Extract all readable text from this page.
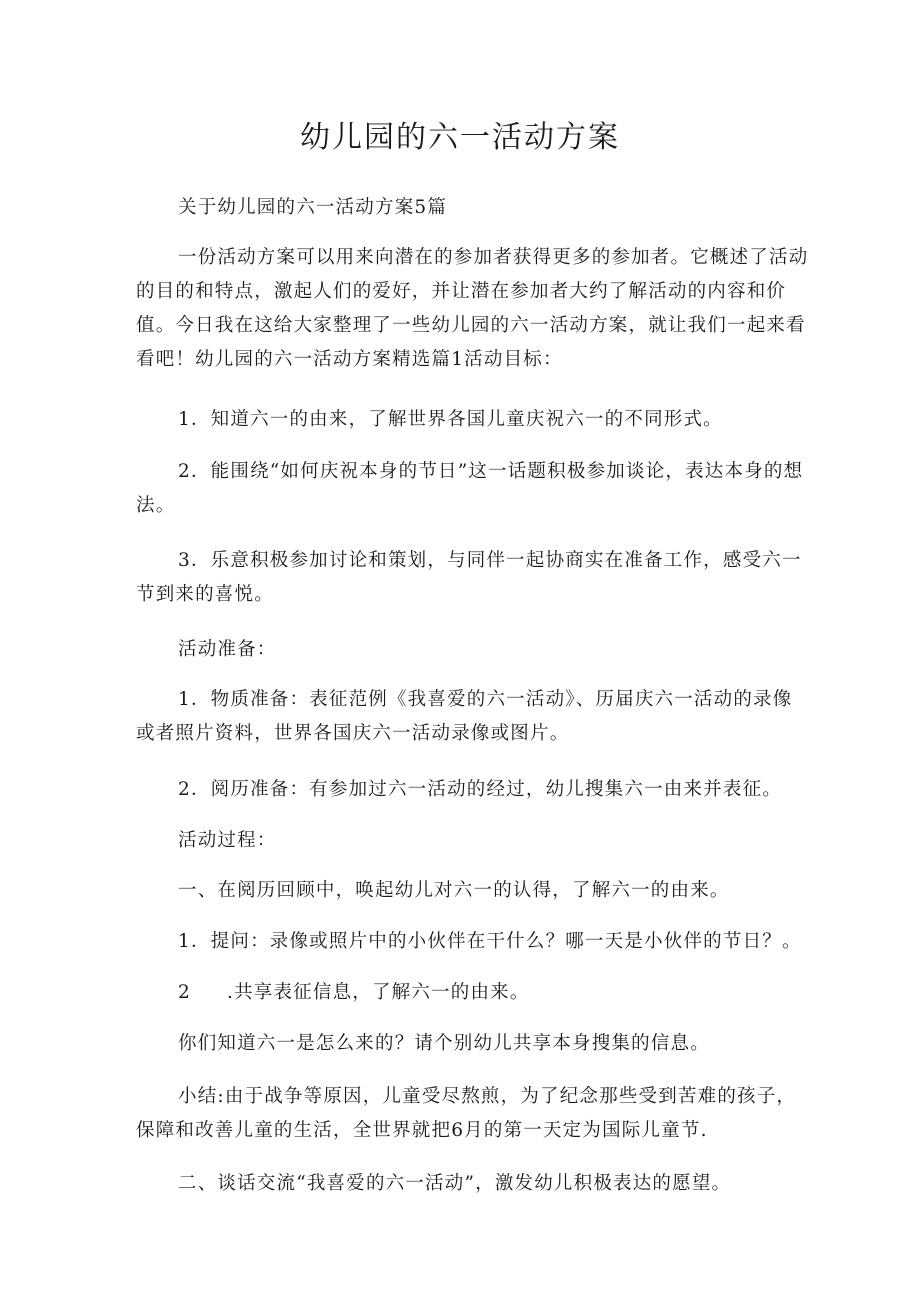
幼儿园的六一活动方案

关于幼儿园的六一活动方案5篇

一份活动方案可以用来向潜在的参加者获得更多的参加者。它概述了活动的目的和特点，激起人们的爱好，并让潜在参加者大约了解活动的内容和价值。今日我在这给大家整理了一些幼儿园的六一活动方案，就让我们一起来看看吧！幼儿园的六一活动方案精选篇1活动目标：

1．知道六一的由来，了解世界各国儿童庆祝六一的不同形式。

2．能围绕“如何庆祝本身的节日”这一话题积极参加谈论，表达本身的想法。

3．乐意积极参加讨论和策划，与同伴一起协商实在准备工作，感受六一节到来的喜悦。

活动准备：

1．物质准备：表征范例《我喜爱的六一活动》、历届庆六一活动的录像或者照片资料，世界各国庆六一活动录像或图片。

2．阅历准备：有参加过六一活动的经过，幼儿搜集六一由来并表征。

活动过程：

一、在阅历回顾中，唤起幼儿对六一的认得，了解六一的由来。

1．提问：录像或照片中的小伙伴在干什么？哪一天是小伙伴的节日？。

2 .共享表征信息，了解六一的由来。

你们知道六一是怎么来的？请个别幼儿共享本身搜集的信息。

小结:由于战争等原因，儿童受尽熬煎，为了纪念那些受到苦难的孩子，保障和改善儿童的生活，全世界就把6月的第一天定为国际儿童节.

二、谈话交流“我喜爱的六一活动”，激发幼儿积极表达的愿望。
